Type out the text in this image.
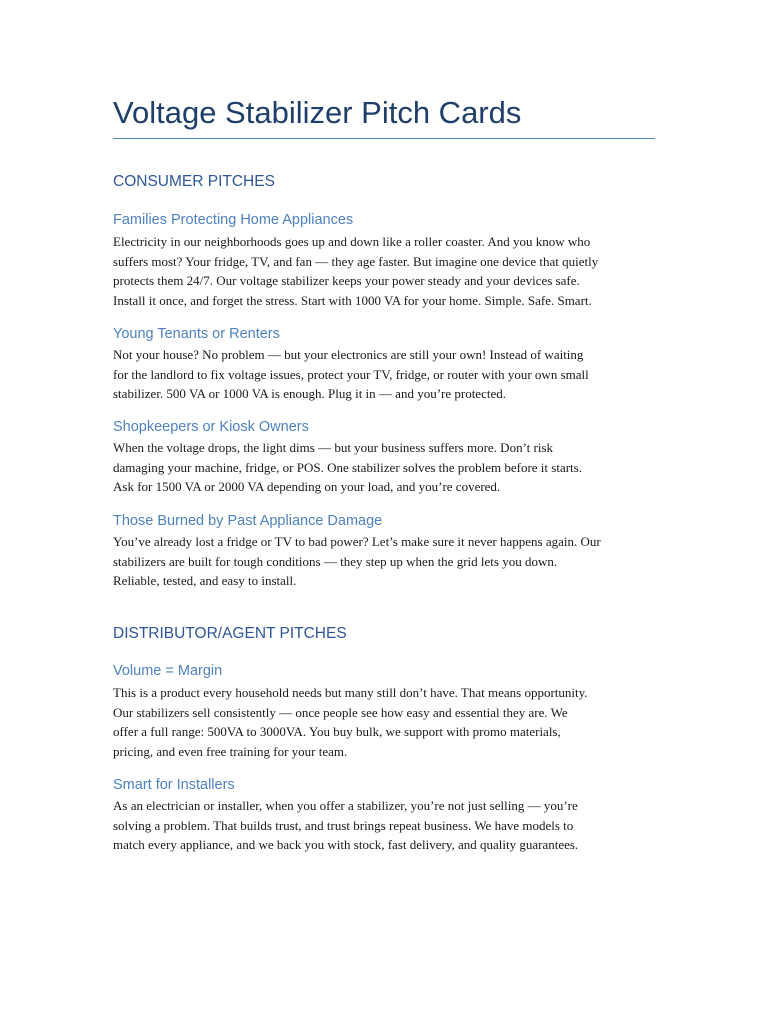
Voltage Stabilizer Pitch Cards
CONSUMER PITCHES
Families Protecting Home Appliances

Electricity in our neighborhoods goes up and down like a roller coaster. And you know who
suffers most? Your fridge, TV, and fan — they age faster. But imagine one device that quietly
protects them 24/7. Our voltage stabilizer keeps your power steady and your devices safe.
Install it once, and forget the stress. Start with 1000 VA for your home. Simple. Safe. Smart.

Young Tenants or Renters

Not your house? No problem — but your electronics are still your own! Instead of waiting
for the landlord to fix voltage issues, protect your TV, fridge, or router with your own small
stabilizer. 500 VA or 1000 VA is enough. Plug it in — and you’re protected.

Shopkeepers or Kiosk Owners

When the voltage drops, the light dims — but your business suffers more. Don’t risk
damaging your machine, fridge, or POS. One stabilizer solves the problem before it starts.
Ask for 1500 VA or 2000 VA depending on your load, and you’re covered.

Those Burned by Past Appliance Damage

You’ve already lost a fridge or TV to bad power? Let’s make sure it never happens again. Our
stabilizers are built for tough conditions — they step up when the grid lets you down.
Reliable, tested, and easy to install.

DISTRIBUTOR/AGENT PITCHES
Volume = Margin

This is a product every household needs but many still don’t have. That means opportunity.
Our stabilizers sell consistently — once people see how easy and essential they are. We
offer a full range: 500VA to 3000VA. You buy bulk, we support with promo materials,
pricing, and even free training for your team.

Smart for Installers

As an electrician or installer, when you offer a stabilizer, you’re not just selling — you’re
solving a problem. That builds trust, and trust brings repeat business. We have models to
match every appliance, and we back you with stock, fast delivery, and quality guarantees.
